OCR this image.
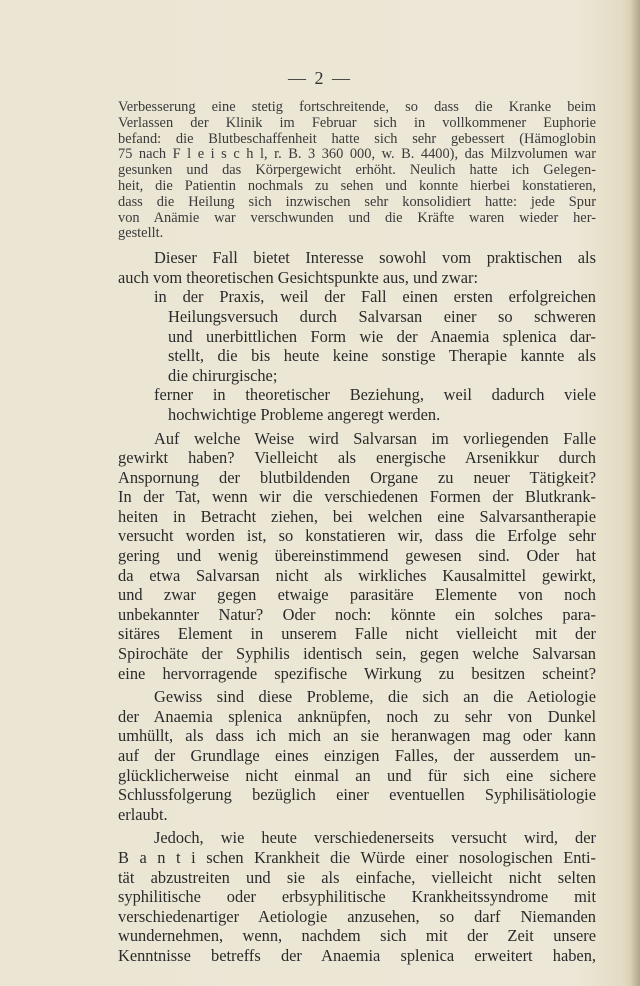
— 2 —
Verbesserung eine stetig fortschreitende, so dass die Kranke beim
Verlassen der Klinik im Februar sich in vollkommener Euphorie
befand: die Blutbeschaffenheit hatte sich sehr gebessert (Hämoglobin
75 nach F l e i s c h l, r. B. 3 360 000, w. B. 4400), das Milzvolumen war
gesunken und das Körpergewicht erhöht. Neulich hatte ich Gelegen-
heit, die Patientin nochmals zu sehen und konnte hierbei konstatieren,
dass die Heilung sich inzwischen sehr konsolidiert hatte: jede Spur
von Anämie war verschwunden und die Kräfte waren wieder her-
gestellt.

Dieser Fall bietet Interesse sowohl vom praktischen als
auch vom theoretischen Gesichtspunkte aus, und zwar:

in der Praxis, weil der Fall einen ersten erfolgreichen
Heilungsversuch durch Salvarsan einer so schweren
und unerbittlichen Form wie der Anaemia splenica dar-
stellt, die bis heute keine sonstige Therapie kannte als
die chirurgische;

ferner in theoretischer Beziehung, weil dadurch viele
hochwichtige Probleme angeregt werden.

Auf welche Weise wird Salvarsan im vorliegenden Falle
gewirkt haben? Vielleicht als energische Arsenikkur durch
Anspornung der blutbildenden Organe zu neuer Tätigkeit?
In der Tat, wenn wir die verschiedenen Formen der Blutkrank-
heiten in Betracht ziehen, bei welchen eine Salvarsantherapie
versucht worden ist, so konstatieren wir, dass die Erfolge sehr
gering und wenig übereinstimmend gewesen sind. Oder hat
da etwa Salvarsan nicht als wirkliches Kausalmittel gewirkt,
und zwar gegen etwaige parasitäre Elemente von noch
unbekannter Natur? Oder noch: könnte ein solches para-
sitäres Element in unserem Falle nicht vielleicht mit der
Spirochäte der Syphilis identisch sein, gegen welche Salvarsan
eine hervorragende spezifische Wirkung zu besitzen scheint?

Gewiss sind diese Probleme, die sich an die Aetiologie
der Anaemia splenica anknüpfen, noch zu sehr von Dunkel
umhüllt, als dass ich mich an sie heranwagen mag oder kann
auf der Grundlage eines einzigen Falles, der ausserdem un-
glücklicherweise nicht einmal an und für sich eine sichere
Schlussfolgerung bezüglich einer eventuellen Syphilisätiologie
erlaubt.

Jedoch, wie heute verschiedenerseits versucht wird, der
B a n t i schen Krankheit die Würde einer nosologischen Enti-
tät abzustreiten und sie als einfache, vielleicht nicht selten
syphilitische oder erbsyphilitische Krankheitssyndrome mit
verschiedenartiger Aetiologie anzusehen, so darf Niemanden
wundernehmen, wenn, nachdem sich mit der Zeit unsere
Kenntnisse betreffs der Anaemia splenica erweitert haben,
